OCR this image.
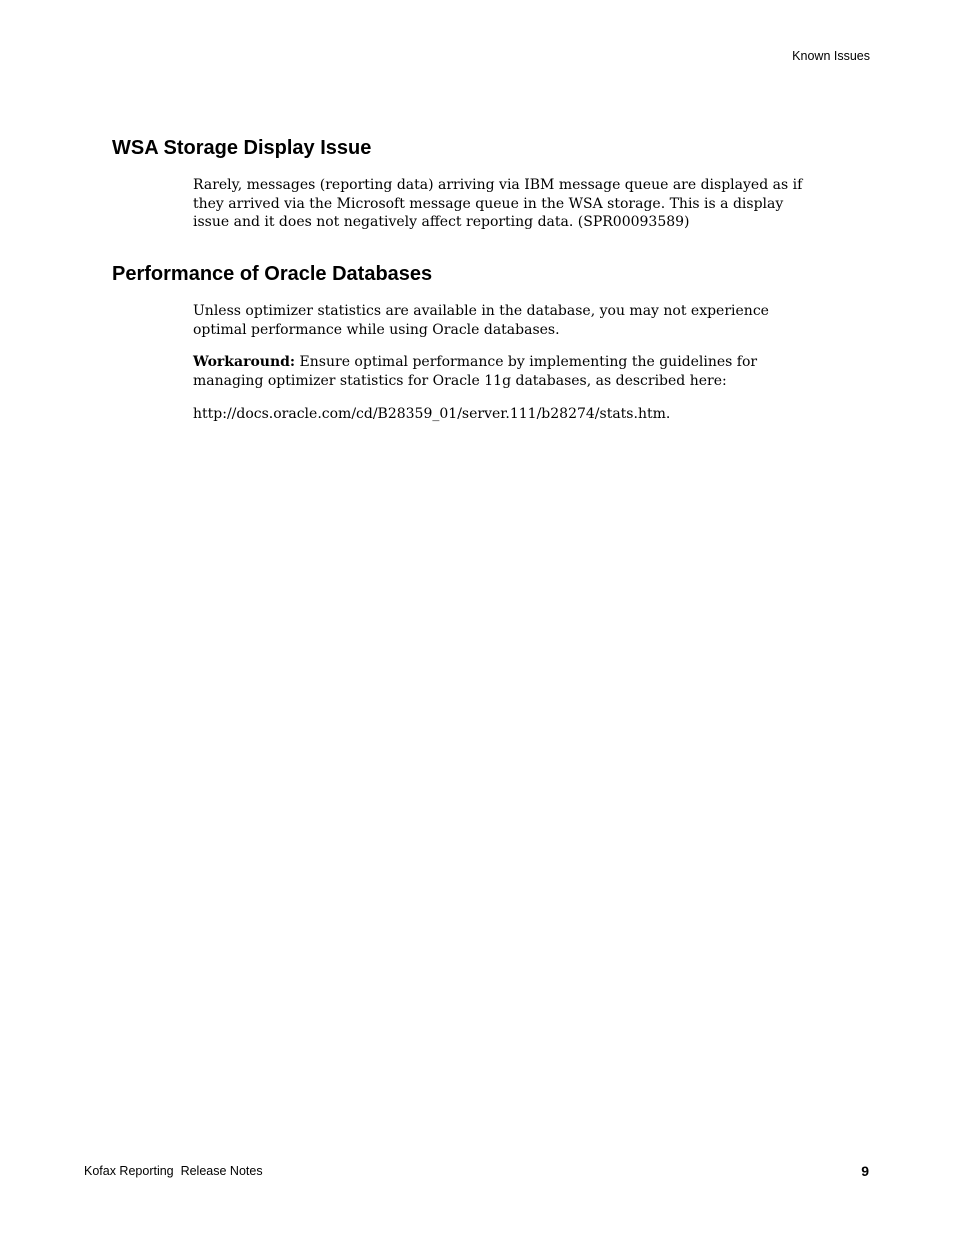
Known Issues
WSA Storage Display Issue

Rarely, messages (reporting data) arriving via IBM message queue are displayed as if they arrived via the Microsoft message queue in the WSA storage. This is a display issue and it does not negatively affect reporting data. (SPR00093589)

Performance of Oracle Databases

Unless optimizer statistics are available in the database, you may not experience optimal performance while using Oracle databases.

Workaround: Ensure optimal performance by implementing the guidelines for managing optimizer statistics for Oracle 11g databases, as described here:

http://docs.oracle.com/cd/B28359_01/server.111/b28274/stats.htm.

Kofax Reporting  Release Notes	9
